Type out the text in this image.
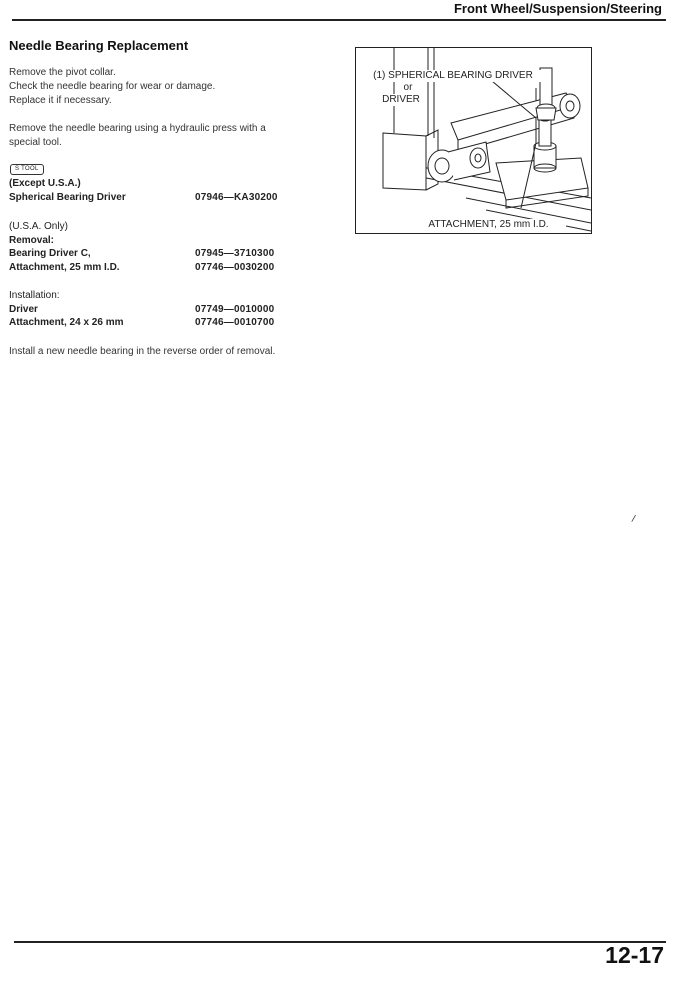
Front Wheel/Suspension/Steering
Needle Bearing Replacement

Remove the pivot collar.

Check the needle bearing for wear or damage.

Replace it if necessary.

Remove the needle bearing using a hydraulic press with a

special tool.

S TOOL
(Except U.S.A.)
Spherical Bearing Driver	07946—KA30200
(U.S.A. Only)
Removal:
Bearing Driver C,	07945—3710300
Attachment, 25 mm I.D.	07746—0030200
Installation:
Driver	07749—0010000
Attachment, 24 x 26 mm	07746—0010700

Install a new needle bearing in the reverse order of removal.

(1) SPHERICAL BEARING DRIVER
or
DRIVER
ATTACHMENT, 25 mm I.D.
/
12-17
